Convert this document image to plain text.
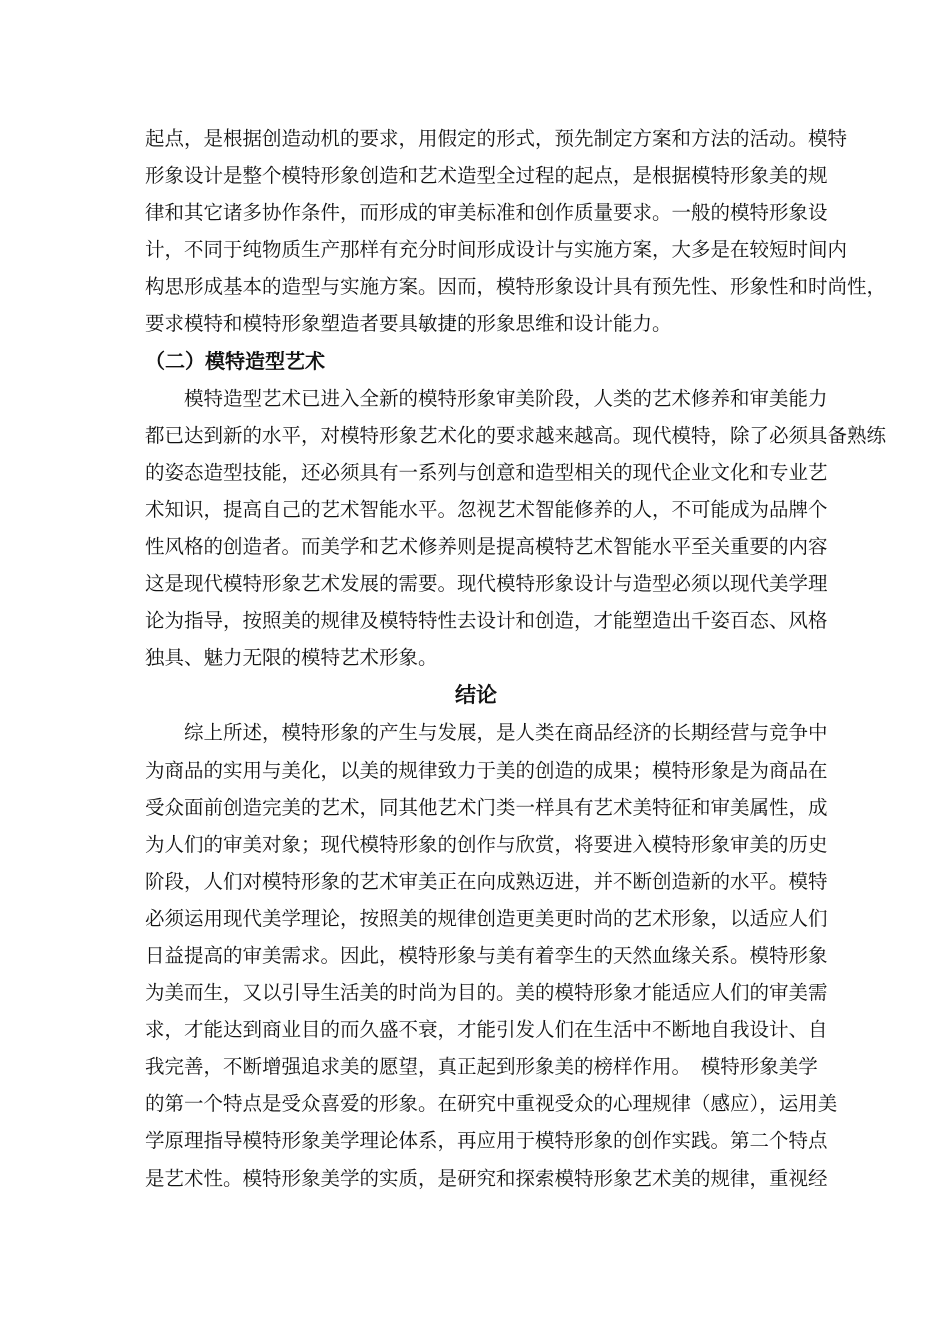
起点，是根据创造动机的要求，用假定的形式，预先制定方案和方法的活动。模特
形象设计是整个模特形象创造和艺术造型全过程的起点，是根据模特形象美的规
律和其它诸多协作条件，而形成的审美标准和创作质量要求。一般的模特形象设
计，不同于纯物质生产那样有充分时间形成设计与实施方案，大多是在较短时间内
构思形成基本的造型与实施方案。因而，模特形象设计具有预先性、形象性和时尚性，
要求模特和模特形象塑造者要具敏捷的形象思维和设计能力。
（二）模特造型艺术
　　模特造型艺术已进入全新的模特形象审美阶段，人类的艺术修养和审美能力
都已达到新的水平，对模特形象艺术化的要求越来越高。现代模特，除了必须具备熟练
的姿态造型技能，还必须具有一系列与创意和造型相关的现代企业文化和专业艺
术知识，提高自己的艺术智能水平。忽视艺术智能修养的人，不可能成为品牌个
性风格的创造者。而美学和艺术修养则是提高模特艺术智能水平至关重要的内容
这是现代模特形象艺术发展的需要。现代模特形象设计与造型必须以现代美学理
论为指导，按照美的规律及模特特性去设计和创造，才能塑造出千姿百态、风格
独具、魅力无限的模特艺术形象。
结论
　　综上所述，模特形象的产生与发展，是人类在商品经济的长期经营与竞争中
为商品的实用与美化，以美的规律致力于美的创造的成果；模特形象是为商品在
受众面前创造完美的艺术，同其他艺术门类一样具有艺术美特征和审美属性，成
为人们的审美对象；现代模特形象的创作与欣赏，将要进入模特形象审美的历史
阶段，人们对模特形象的艺术审美正在向成熟迈进，并不断创造新的水平。模特
必须运用现代美学理论，按照美的规律创造更美更时尚的艺术形象，以适应人们
日益提高的审美需求。因此，模特形象与美有着孪生的天然血缘关系。模特形象
为美而生，又以引导生活美的时尚为目的。美的模特形象才能适应人们的审美需
求，才能达到商业目的而久盛不衰，才能引发人们在生活中不断地自我设计、自
我完善，不断增强追求美的愿望，真正起到形象美的榜样作用。　模特形象美学
的第一个特点是受众喜爱的形象。在研究中重视受众的心理规律（感应），运用美
学原理指导模特形象美学理论体系，再应用于模特形象的创作实践。第二个特点
是艺术性。模特形象美学的实质，是研究和探索模特形象艺术美的规律，重视经
